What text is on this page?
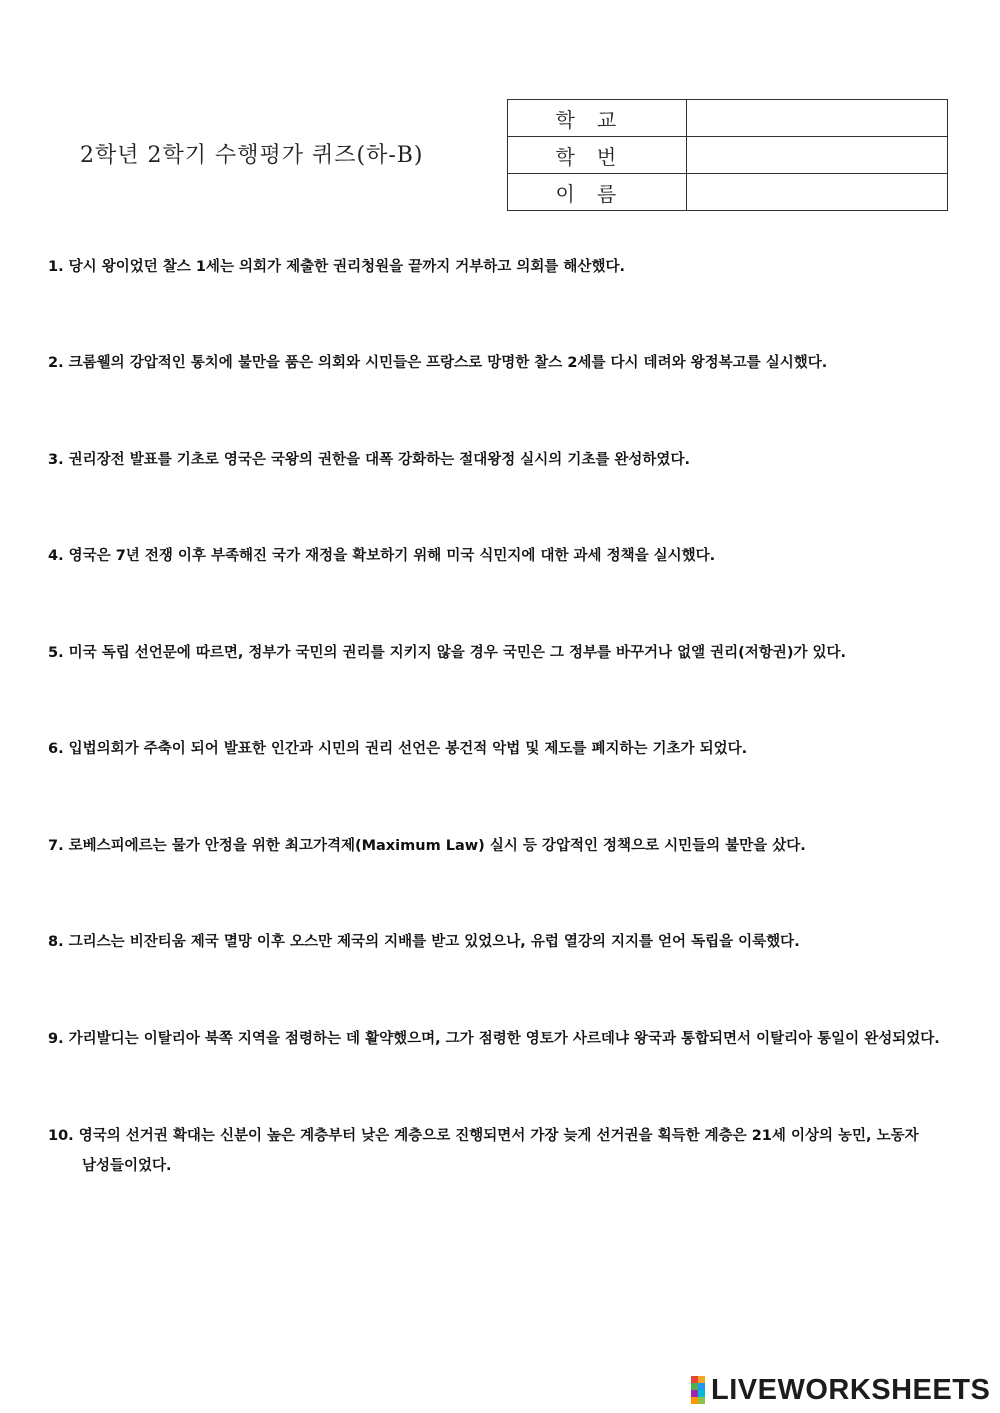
2학년 2학기 수행평가 퀴즈(하-B)
학교	
학번	
이름	
1. 당시 왕이었던 찰스 1세는 의회가 제출한 권리청원을 끝까지 거부하고 의회를 해산했다.
2. 크롬웰의 강압적인 통치에 불만을 품은 의회와 시민들은 프랑스로 망명한 찰스 2세를 다시 데려와 왕정복고를 실시했다.
3. 권리장전 발표를 기초로 영국은 국왕의 권한을 대폭 강화하는 절대왕정 실시의 기초를 완성하였다.
4. 영국은 7년 전쟁 이후 부족해진 국가 재정을 확보하기 위해 미국 식민지에 대한 과세 정책을 실시했다.
5. 미국 독립 선언문에 따르면, 정부가 국민의 권리를 지키지 않을 경우 국민은 그 정부를 바꾸거나 없앨 권리(저항권)가 있다.
6. 입법의회가 주축이 되어 발표한 인간과 시민의 권리 선언은 봉건적 악법 및 제도를 폐지하는 기초가 되었다.
7. 로베스피에르는 물가 안정을 위한 최고가격제(Maximum Law) 실시 등 강압적인 정책으로 시민들의 불만을 샀다.
8. 그리스는 비잔티움 제국 멸망 이후 오스만 제국의 지배를 받고 있었으나, 유럽 열강의 지지를 얻어 독립을 이룩했다.
9. 가리발디는 이탈리아 북쪽 지역을 점령하는 데 활약했으며, 그가 점령한 영토가 사르데냐 왕국과 통합되면서 이탈리아 통일이 완성되었다.
10. 영국의 선거권 확대는 신분이 높은 계층부터 낮은 계층으로 진행되면서 가장 늦게 선거권을 획득한 계층은 21세 이상의 농민, 노동자
남성들이었다.
LIVEWORKSHEETS
